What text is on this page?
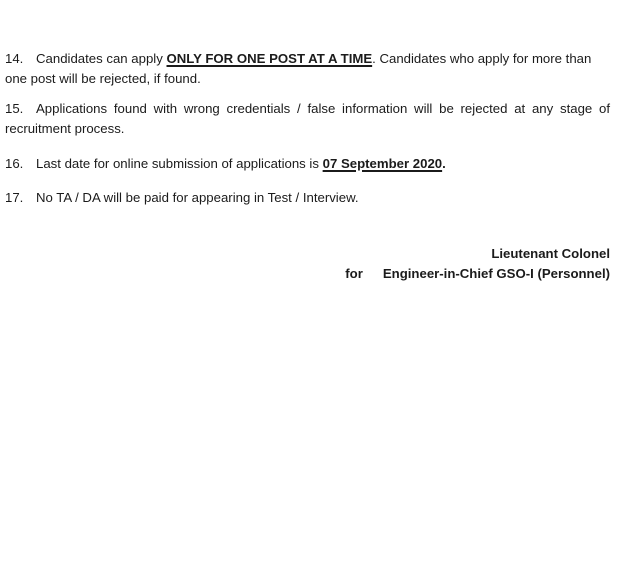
14. Candidates can apply ONLY FOR ONE POST AT A TIME. Candidates who apply for more than one post will be rejected, if found.

15. Applications found with wrong credentials / false information will be rejected at any stage of recruitment process.

16. Last date for online submission of applications is 07 September 2020.

17. No TA / DA will be paid for appearing in Test / Interview.

Lieutenant Colonel

for Engineer-in-Chief GSO-I (Personnel)
